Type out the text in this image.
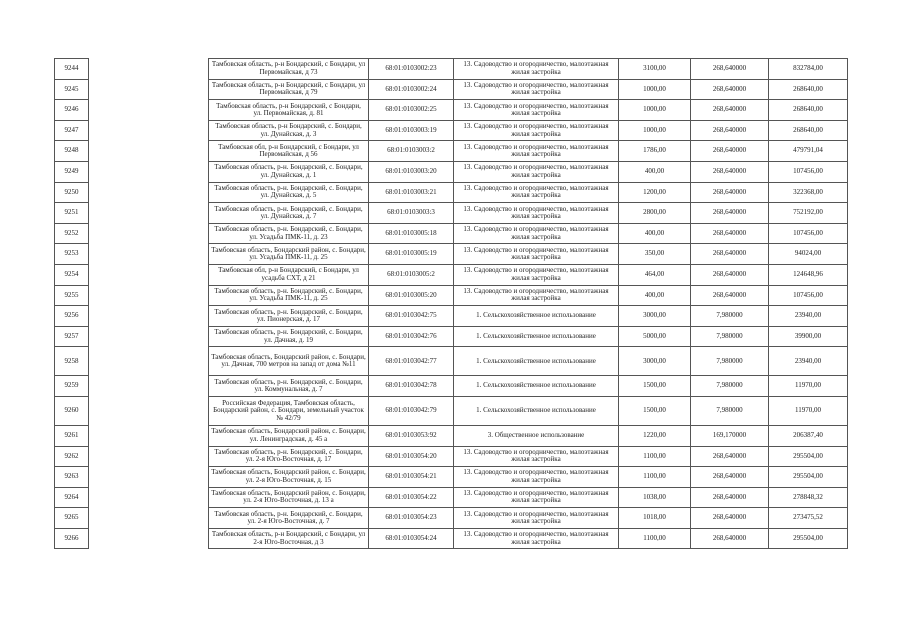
9244		Тамбовская область, р-н Бондарский, с Бондари, ул Первомайская, д 73	68:01:0103002:23	13. Садоводство и огородничество, малоэтажная жилая застройка	3100,00	268,640000	832784,00
9245		Тамбовская область, р-н Бондарский, с Бондари, ул Первомайская, д 79	68:01:0103002:24	13. Садоводство и огородничество, малоэтажная жилая застройка	1000,00	268,640000	268640,00
9246		Тамбовская область, р-н Бондарский, с Бондари, ул. Первомайская, д. 81	68:01:0103002:25	13. Садоводство и огородничество, малоэтажная жилая застройка	1000,00	268,640000	268640,00
9247		Тамбовская область, р-н Бондарский, с. Бондари, ул. Дунайская, д. 3	68:01:0103003:19	13. Садоводство и огородничество, малоэтажная жилая застройка	1000,00	268,640000	268640,00
9248		Тамбовская обл, р-н Бондарский, с Бондари, ул Первомайская, д 56	68:01:0103003:2	13. Садоводство и огородничество, малоэтажная жилая застройка	1786,00	268,640000	479791,04
9249		Тамбовская область, р-н. Бондарский, с. Бондари, ул. Дунайская, д. 1	68:01:0103003:20	13. Садоводство и огородничество, малоэтажная жилая застройка	400,00	268,640000	107456,00
9250		Тамбовская область, р-н. Бондарский, с. Бондари, ул. Дунайская, д. 5	68:01:0103003:21	13. Садоводство и огородничество, малоэтажная жилая застройка	1200,00	268,640000	322368,00
9251		Тамбовская область, р-н. Бондарский, с. Бондари, ул. Дунайская, д. 7	68:01:0103003:3	13. Садоводство и огородничество, малоэтажная жилая застройка	2800,00	268,640000	752192,00
9252		Тамбовская область, р-н. Бондарский, с. Бондари, ул. Усадьба ПМК-11, д. 23	68:01:0103005:18	13. Садоводство и огородничество, малоэтажная жилая застройка	400,00	268,640000	107456,00
9253		Тамбовская область, Бондарский район, с. Бондари, ул. Усадьба ПМК-11, д. 25	68:01:0103005:19	13. Садоводство и огородничество, малоэтажная жилая застройка	350,00	268,640000	94024,00
9254		Тамбовская обл, р-н Бондарский, с Бондари, ул усадьба СХТ, д 21	68:01:0103005:2	13. Садоводство и огородничество, малоэтажная жилая застройка	464,00	268,640000	124648,96
9255		Тамбовская область, р-н. Бондарский, с. Бондари, ул. Усадьба ПМК-11, д. 25	68:01:0103005:20	13. Садоводство и огородничество, малоэтажная жилая застройка	400,00	268,640000	107456,00
9256		Тамбовская область, р-н. Бондарский, с. Бондари, ул. Пионерская, д. 17	68:01:0103042:75	1. Сельскохозяйственное использование	3000,00	7,980000	23940,00
9257		Тамбовская область, р-н. Бондарский, с. Бондари, ул. Дачная, д. 19	68:01:0103042:76	1. Сельскохозяйственное использование	5000,00	7,980000	39900,00
9258		Тамбовская область, Бондарский район, с. Бондари, ул. Дачная, 700 метров на запад от дома №11	68:01:0103042:77	1. Сельскохозяйственное использование	3000,00	7,980000	23940,00
9259		Тамбовская область, р-н. Бондарский, с. Бондари, ул. Коммунальная, д. 7	68:01:0103042:78	1. Сельскохозяйственное использование	1500,00	7,980000	11970,00
9260		Российская Федерация, Тамбовская область, Бондарский район, с. Бондари, земельный участок № 42/79	68:01:0103042:79	1. Сельскохозяйственное использование	1500,00	7,980000	11970,00
9261		Тамбовская область, Бондарский район, с. Бондари, ул. Ленинградская, д. 45 а	68:01:0103053:92	3. Общественное использование	1220,00	169,170000	206387,40
9262		Тамбовская область, р-н. Бондарский, с. Бондари, ул. 2-я Юго-Восточная, д. 17	68:01:0103054:20	13. Садоводство и огородничество, малоэтажная жилая застройка	1100,00	268,640000	295504,00
9263		Тамбовская область, Бондарский район, с. Бондари, ул. 2-я Юго-Восточная, д. 15	68:01:0103054:21	13. Садоводство и огородничество, малоэтажная жилая застройка	1100,00	268,640000	295504,00
9264		Тамбовская область, Бондарский район, с. Бондари, ул. 2-я Юго-Восточная, д. 13 а	68:01:0103054:22	13. Садоводство и огородничество, малоэтажная жилая застройка	1038,00	268,640000	278848,32
9265		Тамбовская область, р-н. Бондарский, с. Бондари, ул. 2-я Юго-Восточная, д. 7	68:01:0103054:23	13. Садоводство и огородничество, малоэтажная жилая застройка	1018,00	268,640000	273475,52
9266		Тамбовская область, р-н Бондарский, с Бондари, ул 2-я Юго-Восточная, д 3	68:01:0103054:24	13. Садоводство и огородничество, малоэтажная жилая застройка	1100,00	268,640000	295504,00
